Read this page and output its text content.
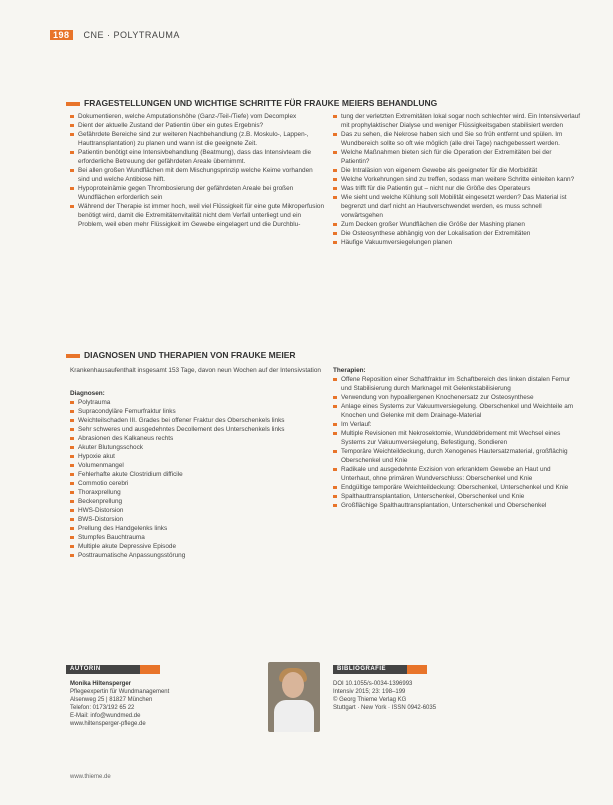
198 CNE · POLYTRAUMA
FRAGESTELLUNGEN UND WICHTIGE SCHRITTE FÜR FRAUKE MEIERS BEHANDLUNG
Dokumentieren, welche Amputationshöhe (Ganz-/Teil-/Tiefe) vom Decomplex
Dient der aktuelle Zustand der Patientin über ein gutes Ergebnis?
Gefährdete Bereiche sind zur weiteren Nachbehandlung (z.B. Moskulo-, Lappen-, Hauttransplantation) zu planen und wann ist die geeignete Zeit.
Patientin benötigt eine Intensivbehandlung (Beatmung), dass das Intensivteam die erforderliche Betreuung der gefährdeten Areale übernimmt.
Bei allen großen Wundflächen mit dem Mischungsprinzip welche Keime vorhanden sind und welche Antibiose hilft.
Hypoproteinämie gegen Thrombosierung der gefährdeten Areale bei großen Wundflächen erforderlich sein
Während der Therapie ist immer hoch, weil viel Flüssigkeit für eine gute Mikroperfusion benötigt wird, damit die Extremitätenvitalität nicht dem Verfall unterliegt und ein Problem, weil eben mehr Flüssigkeit im Gewebe eingelagert und die Durchblu-
tung der verletzten Extremitäten lokal sogar noch schlechter wird. Ein Intensivverlauf mit prophylaktischer Dialyse und weniger Flüssigkeitsgaben stabilisiert werden
Das zu sehen, die Nekrose haben sich und Sie so früh entfernt und spülen. Im Wundbereich sollte so oft wie möglich (alle drei Tage) nachgebessert werden.
Welche Maßnahmen bieten sich für die Operation der Extremitäten bei der Patientin?
Die Intraläsion von eigenem Gewebe als geeigneter für die Morbidität
Welche Vorkehrungen sind zu treffen, sodass man weitere Schritte einleiten kann?
Was trifft für die Patientin gut – nicht nur die Größe des Operateurs
Wie sieht und welche Kühlung soll Mobilität eingesetzt werden? Das Material ist begrenzt und darf nicht an Hautverschwendet werden, es muss schnell vorwärtsgehen
Zum Decken großer Wundflächen die Größe der Mashing planen
Die Osteosynthese abhängig von der Lokalisation der Extremitäten
Häufige Vakuumversiegelungen planen
DIAGNOSEN UND THERAPIEN VON FRAUKE MEIER
Krankenhausaufenthalt insgesamt 153 Tage, davon neun Wochen auf der Intensivstation
Diagnosen:
Polytrauma
Supracondyläre Femurfraktur links
Weichteilschaden III. Grades bei offener Fraktur des Oberschenkels links
Sehr schweres und ausgedehntes Decollement des Unterschenkels links
Abrasionen des Kalkaneus rechts
Akuter Blutungsschock
Hypoxie akut
Volumenmangel
Fehlerhafte akute Clostridium difficile
Commotio cerebri
Thoraxprellung
Beckenprellung
HWS-Distorsion
BWS-Distorsion
Prellung des Handgelenks links
Stumpfes Bauchtrauma
Multiple akute Depressive Episode
Posttraumatische Anpassungsstörung
Therapien:
Offene Reposition einer Schaftfraktur im Schaftbereich des linken distalen Femur und Stabilisierung durch Marknagel mit Gelenkstabilisierung
Verwendung von hypoallergenen Knochenersatz zur Osteosynthese
Anlage eines Systems zur Vakuumversiegelung. Oberschenkel und Weichteile am Knochen und Gelenke mit dem Drainage-Material
Im Verlauf:
Multiple Revisionen mit Nekrosektomie, Wunddébridement mit Wechsel eines Systems zur Vakuumversiegelung, Befestigung, Sondieren
Temporäre Weichteildeckung, durch Xenogenes Hautersatzmaterial, großflächig Oberschenkel und Knie
Radikale und ausgedehnte Exzision von erkranktem Gewebe an Haut und Unterhaut, ohne primären Wundverschluss: Oberschenkel und Knie
Endgültige temporäre Weichteildeckung: Oberschenkel, Unterschenkel und Knie
Spalthauttransplantation, Unterschenkel, Oberschenkel und Knie
Großflächige Spalthauttransplantation, Unterschenkel und Oberschenkel
AUTORIN
Monika Hiltensperger
Pflegeexpertin für Wundmanagement
Alsenweg 25 | 81827 München
Telefon: 0173/192 65 22
E-Mail: info@wundmed.de
www.hiltensperger-pflege.de
BIBLIOGRAFIE
DOI 10.1055/s-0034-1396993
Intensiv 2015; 23: 198–199
© Georg Thieme Verlag KG
Stuttgart · New York · ISSN 0942-6035
www.thieme.de
